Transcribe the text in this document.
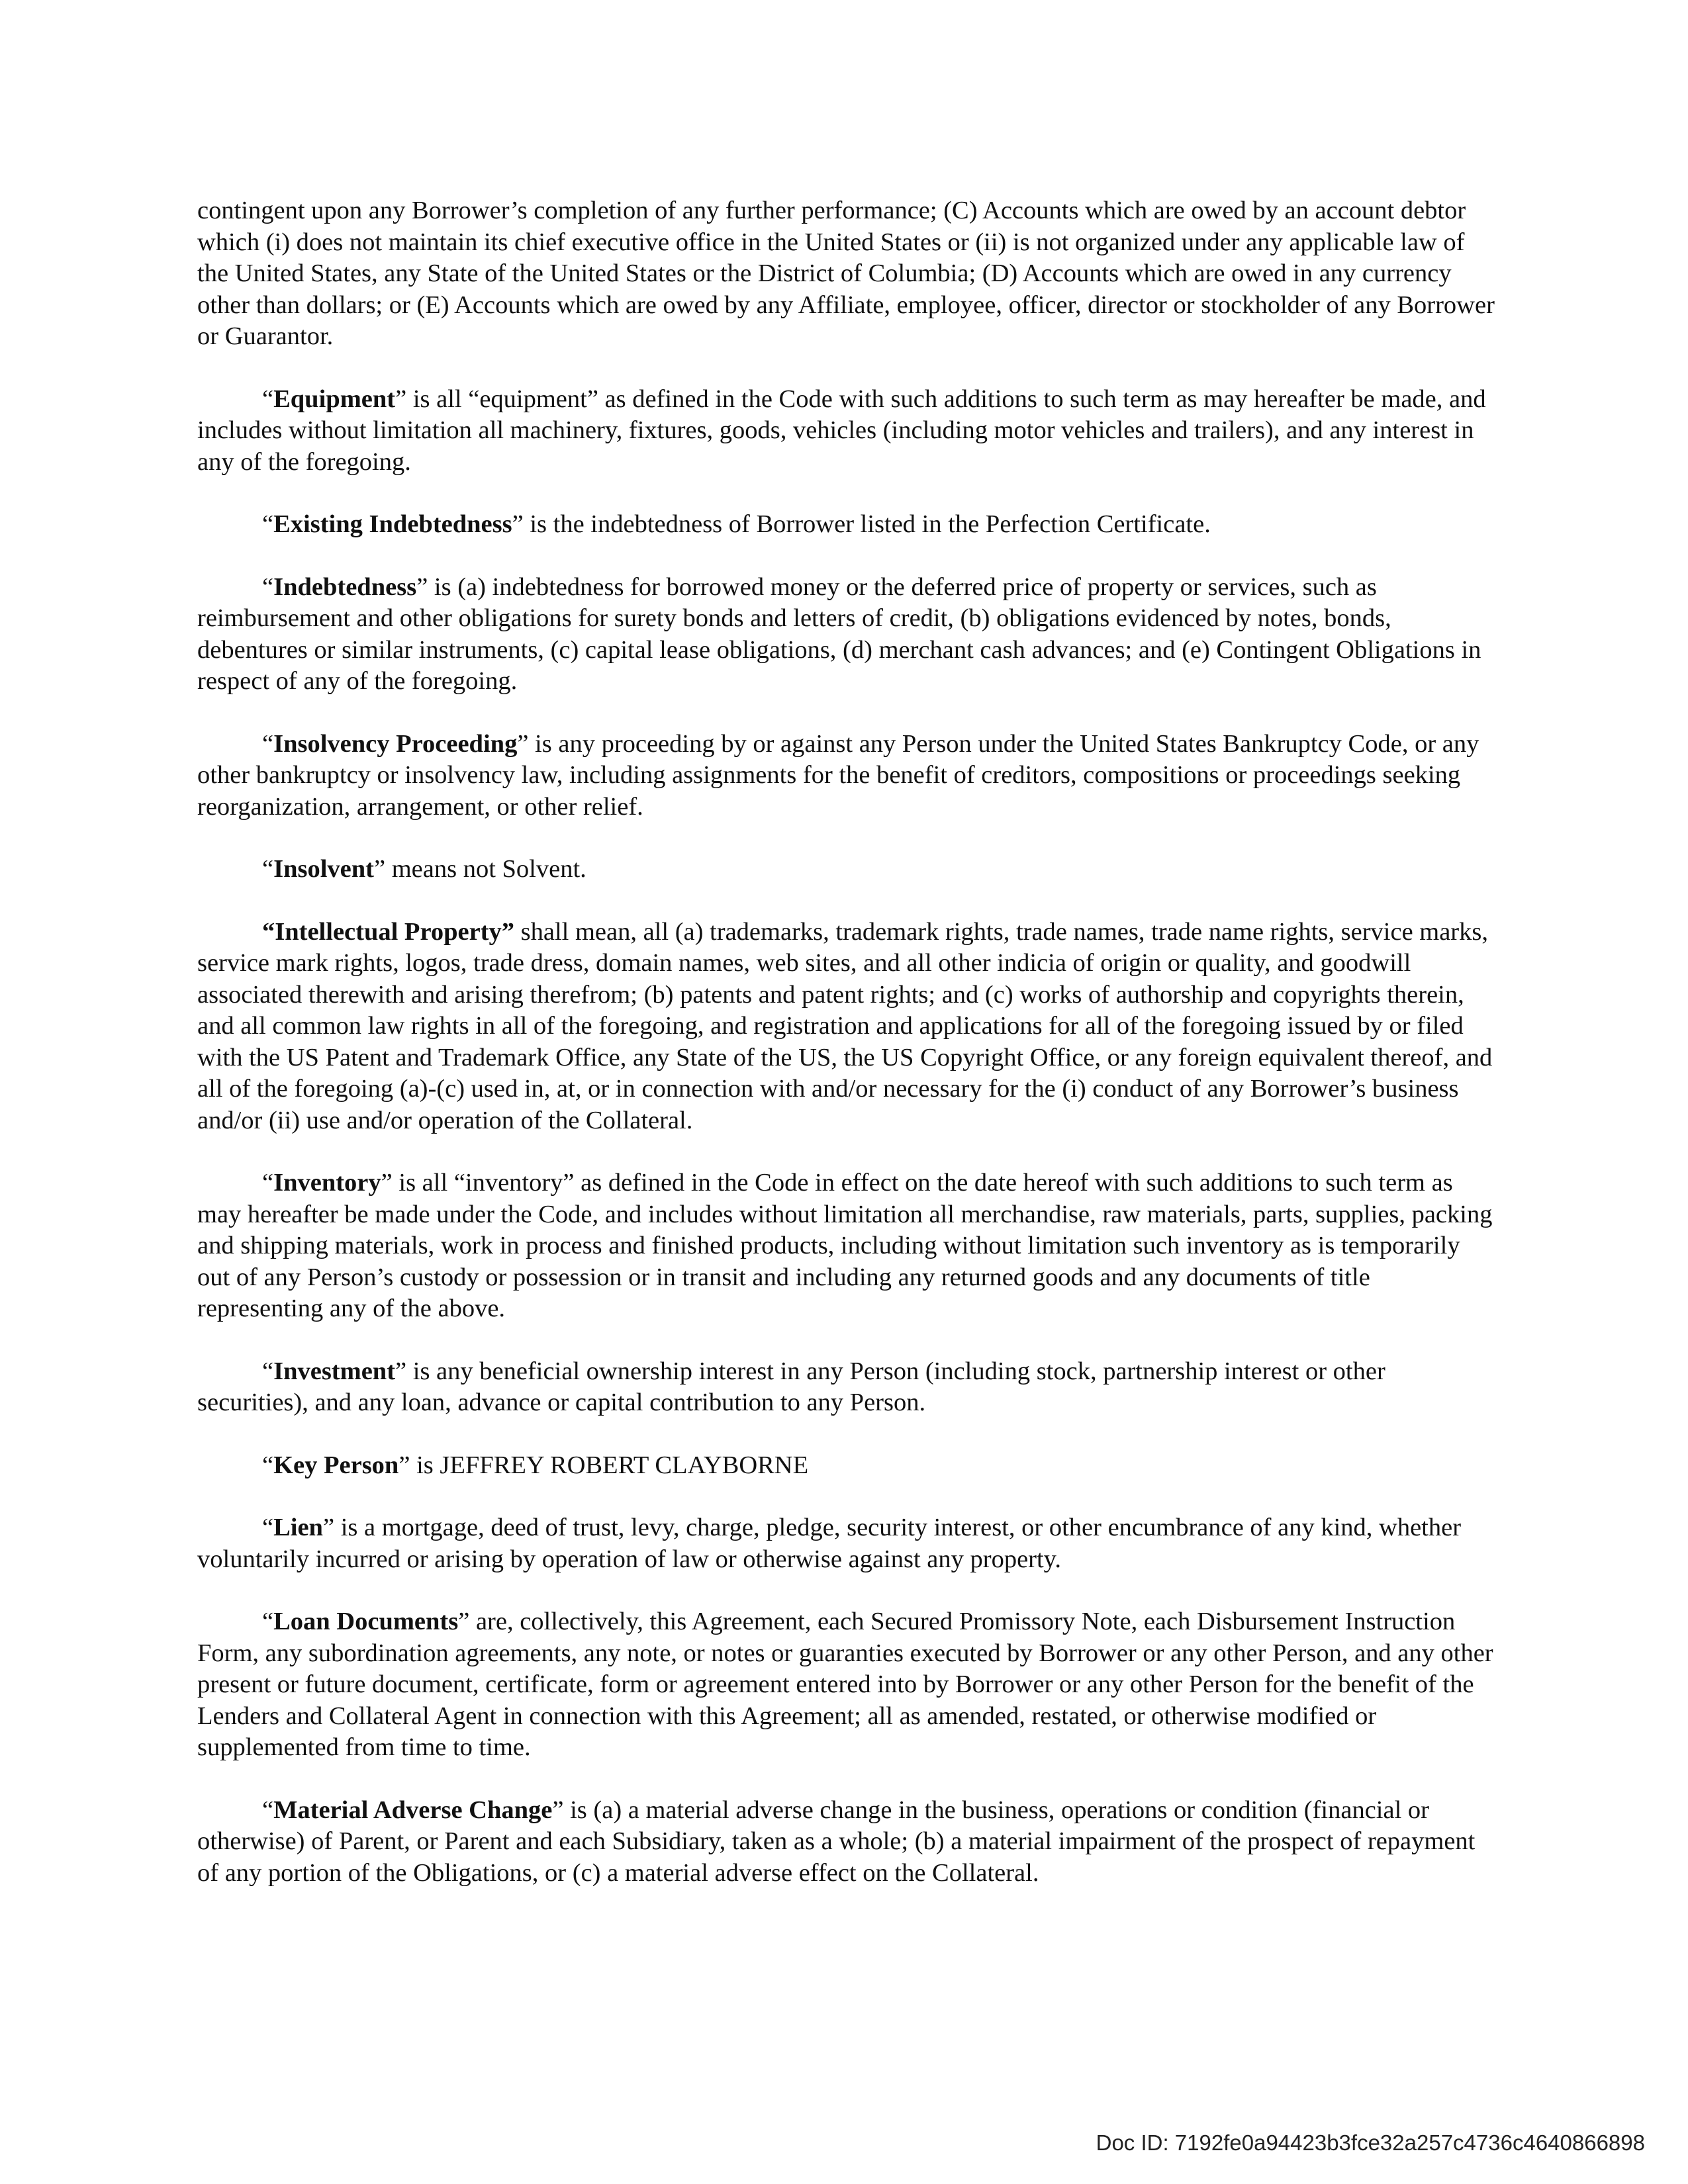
contingent upon any Borrower’s completion of any further performance; (C) Accounts which are owed by an account debtor which (i) does not maintain its chief executive office in the United States or (ii) is not organized under any applicable law of the United States, any State of the United States or the District of Columbia; (D) Accounts which are owed in any currency other than dollars; or (E) Accounts which are owed by any Affiliate, employee, officer, director or stockholder of any Borrower or Guarantor.

“Equipment” is all “equipment” as defined in the Code with such additions to such term as may hereafter be made, and includes without limitation all machinery, fixtures, goods, vehicles (including motor vehicles and trailers), and any interest in any of the foregoing.

“Existing Indebtedness” is the indebtedness of Borrower listed in the Perfection Certificate.

“Indebtedness” is (a) indebtedness for borrowed money or the deferred price of property or services, such as reimbursement and other obligations for surety bonds and letters of credit, (b) obligations evidenced by notes, bonds, debentures or similar instruments, (c) capital lease obligations, (d) merchant cash advances; and (e) Contingent Obligations in respect of any of the foregoing.

“Insolvency Proceeding” is any proceeding by or against any Person under the United States Bankruptcy Code, or any other bankruptcy or insolvency law, including assignments for the benefit of creditors, compositions or proceedings seeking reorganization, arrangement, or other relief.

“Insolvent” means not Solvent.

“Intellectual Property” shall mean, all (a) trademarks, trademark rights, trade names, trade name rights, service marks, service mark rights, logos, trade dress, domain names, web sites, and all other indicia of origin or quality, and goodwill associated therewith and arising therefrom; (b) patents and patent rights; and (c) works of authorship and copyrights therein, and all common law rights in all of the foregoing, and registration and applications for all of the foregoing issued by or filed with the US Patent and Trademark Office, any State of the US, the US Copyright Office, or any foreign equivalent thereof, and all of the foregoing (a)-(c) used in, at, or in connection with and/or necessary for the (i) conduct of any Borrower’s business and/or (ii) use and/or operation of the Collateral.

“Inventory” is all “inventory” as defined in the Code in effect on the date hereof with such additions to such term as may hereafter be made under the Code, and includes without limitation all merchandise, raw materials, parts, supplies, packing and shipping materials, work in process and finished products, including without limitation such inventory as is temporarily out of any Person’s custody or possession or in transit and including any returned goods and any documents of title representing any of the above.

“Investment” is any beneficial ownership interest in any Person (including stock, partnership interest or other securities), and any loan, advance or capital contribution to any Person.

“Key Person” is JEFFREY ROBERT CLAYBORNE

“Lien” is a mortgage, deed of trust, levy, charge, pledge, security interest, or other encumbrance of any kind, whether voluntarily incurred or arising by operation of law or otherwise against any property.

“Loan Documents” are, collectively, this Agreement, each Secured Promissory Note, each Disbursement Instruction Form, any subordination agreements, any note, or notes or guaranties executed by Borrower or any other Person, and any other present or future document, certificate, form or agreement entered into by Borrower or any other Person for the benefit of the Lenders and Collateral Agent in connection with this Agreement; all as amended, restated, or otherwise modified or supplemented from time to time.

“Material Adverse Change” is (a) a material adverse change in the business, operations or condition (financial or otherwise) of Parent, or Parent and each Subsidiary, taken as a whole; (b) a material impairment of the prospect of repayment of any portion of the Obligations, or (c) a material adverse effect on the Collateral.

Doc ID: 7192fe0a94423b3fce32a257c4736c4640866898
